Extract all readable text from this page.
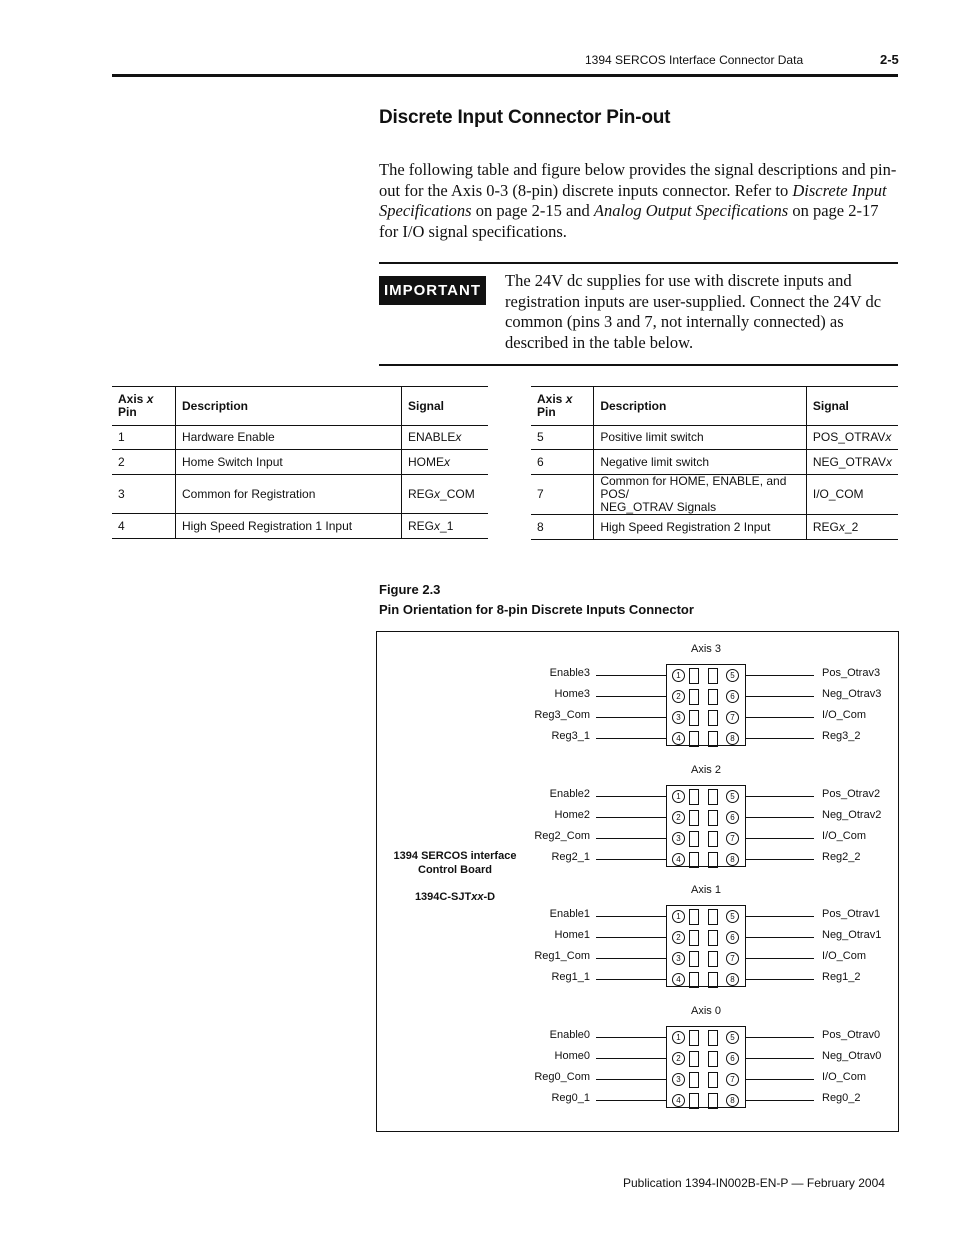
1394 SERCOS Interface Connector Data	2-5
Discrete Input Connector Pin-out
The following table and figure below provides the signal descriptions and pin-out for the Axis 0-3 (8-pin) discrete inputs connector. Refer to Discrete Input Specifications on page 2-15 and Analog Output Specifications on page 2-17 for I/O signal specifications.
IMPORTANT
The 24V dc supplies for use with discrete inputs and registration inputs are user-supplied. Connect the 24V dc common (pins 3 and 7, not internally connected) as described in the table below.
Axis x
Pin	Description	Signal
1	Hardware Enable	ENABLEx
2	Home Switch Input	HOMEx
3	Common for Registration	REGx_COM
4	High Speed Registration 1 Input	REGx_1
Axis x
Pin	Description	Signal
5	Positive limit switch	POS_OTRAVx
6	Negative limit switch	NEG_OTRAVx
7	Common for HOME, ENABLE, and POS/
NEG_OTRAV Signals	I/O_COM
8	High Speed Registration 2 Input	REGx_2
Figure 2.3
Pin Orientation for 8-pin Discrete Inputs Connector
1394 SERCOS interface
Control Board
1394C-SJTxx-D
Axis 3
1	5
Enable3	Pos_Otrav3
2	6
Home3	Neg_Otrav3
3	7
Reg3_Com	I/O_Com
4	8
Reg3_1	Reg3_2
Axis 2
1	5
Enable2	Pos_Otrav2
2	6
Home2	Neg_Otrav2
3	7
Reg2_Com	I/O_Com
4	8
Reg2_1	Reg2_2
Axis 1
1	5
Enable1	Pos_Otrav1
2	6
Home1	Neg_Otrav1
3	7
Reg1_Com	I/O_Com
4	8
Reg1_1	Reg1_2
Axis 0
1	5
Enable0	Pos_Otrav0
2	6
Home0	Neg_Otrav0
3	7
Reg0_Com	I/O_Com
4	8
Reg0_1	Reg0_2
Publication 1394-IN002B-EN-P — February 2004
